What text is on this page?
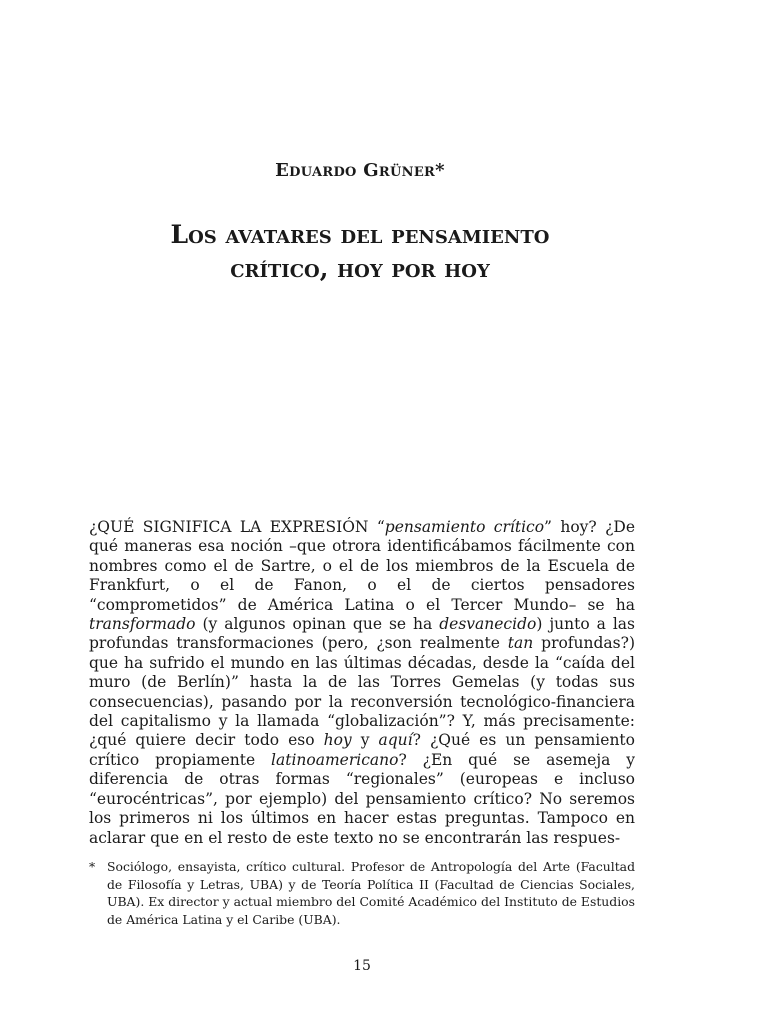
Eduardo Grüner*
Los avatares del pensamiento
crítico, hoy por hoy
¿QUÉ SIGNIFICA LA EXPRESIÓN “pensamiento crítico” hoy? ¿De qué maneras esa noción –que otrora identificábamos fácilmente con nombres como el de Sartre, o el de los miembros de la Escuela de Frankfurt, o el de Fanon, o el de ciertos pensadores “comprometidos” de América Latina o el Tercer Mundo– se ha transformado (y algunos opinan que se ha desvanecido) junto a las profundas transformaciones (pero, ¿son realmente tan profundas?) que ha sufrido el mundo en las últimas décadas, desde la “caída del muro (de Berlín)” hasta la de las Torres Gemelas (y todas sus consecuencias), pasando por la reconversión tecnológico-financiera del capitalismo y la llamada “globalización”? Y, más precisamente: ¿qué quiere decir todo eso hoy y aquí? ¿Qué es un pensamiento crítico propiamente latinoamericano? ¿En qué se asemeja y diferencia de otras formas “regionales” (europeas e incluso “eurocéntricas”, por ejemplo) del pensamiento crítico? No seremos los primeros ni los últimos en hacer estas preguntas. Tampoco en aclarar que en el resto de este texto no se encontrarán las respues-
* Sociólogo, ensayista, crítico cultural. Profesor de Antropología del Arte (Facultad de Filosofía y Letras, UBA) y de Teoría Política II (Facultad de Ciencias Sociales, UBA). Ex director y actual miembro del Comité Académico del Instituto de Estudios de América Latina y el Caribe (UBA).
15
